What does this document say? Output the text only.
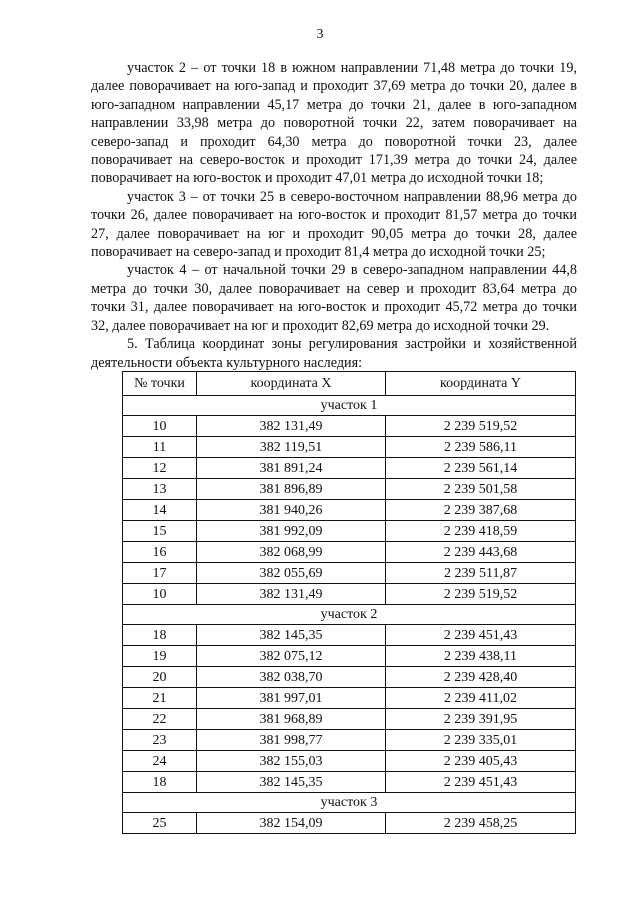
3

участок 2 – от точки 18 в южном направлении 71,48 метра до точки 19, далее поворачивает на юго-запад и проходит 37,69 метра до точки 20, далее в юго-западном направлении 45,17 метра до точки 21, далее в юго-западном направлении 33,98 метра до поворотной точки 22, затем поворачивает на северо-запад и проходит 64,30 метра до поворотной точки 23, далее поворачивает на северо-восток и проходит 171,39 метра до точки 24, далее поворачивает на юго-восток и проходит 47,01 метра до исходной точки 18;

участок 3 – от точки 25 в северо-восточном направлении 88,96 метра до точки 26, далее поворачивает на юго-восток и проходит 81,57 метра до точки 27, далее поворачивает на юг и проходит 90,05 метра до точки 28, далее поворачивает на северо-запад и проходит 81,4 метра до исходной точки 25;

участок 4 – от начальной точки 29 в северо-западном направлении 44,8 метра до точки 30, далее поворачивает на север и проходит 83,64 метра до точки 31, далее поворачивает на юго-восток и проходит 45,72 метра до точки 32, далее поворачивает на юг и проходит 82,69 метра до исходной точки 29.

5. Таблица координат зоны регулирования застройки и хозяйственной деятельности объекта культурного наследия:

№ точки	координата X	координата Y
участок 1		
10	382 131,49	2 239 519,52
11	382 119,51	2 239 586,11
12	381 891,24	2 239 561,14
13	381 896,89	2 239 501,58
14	381 940,26	2 239 387,68
15	381 992,09	2 239 418,59
16	382 068,99	2 239 443,68
17	382 055,69	2 239 511,87
10	382 131,49	2 239 519,52
участок 2		
18	382 145,35	2 239 451,43
19	382 075,12	2 239 438,11
20	382 038,70	2 239 428,40
21	381 997,01	2 239 411,02
22	381 968,89	2 239 391,95
23	381 998,77	2 239 335,01
24	382 155,03	2 239 405,43
18	382 145,35	2 239 451,43
участок 3		
25	382 154,09	2 239 458,25
